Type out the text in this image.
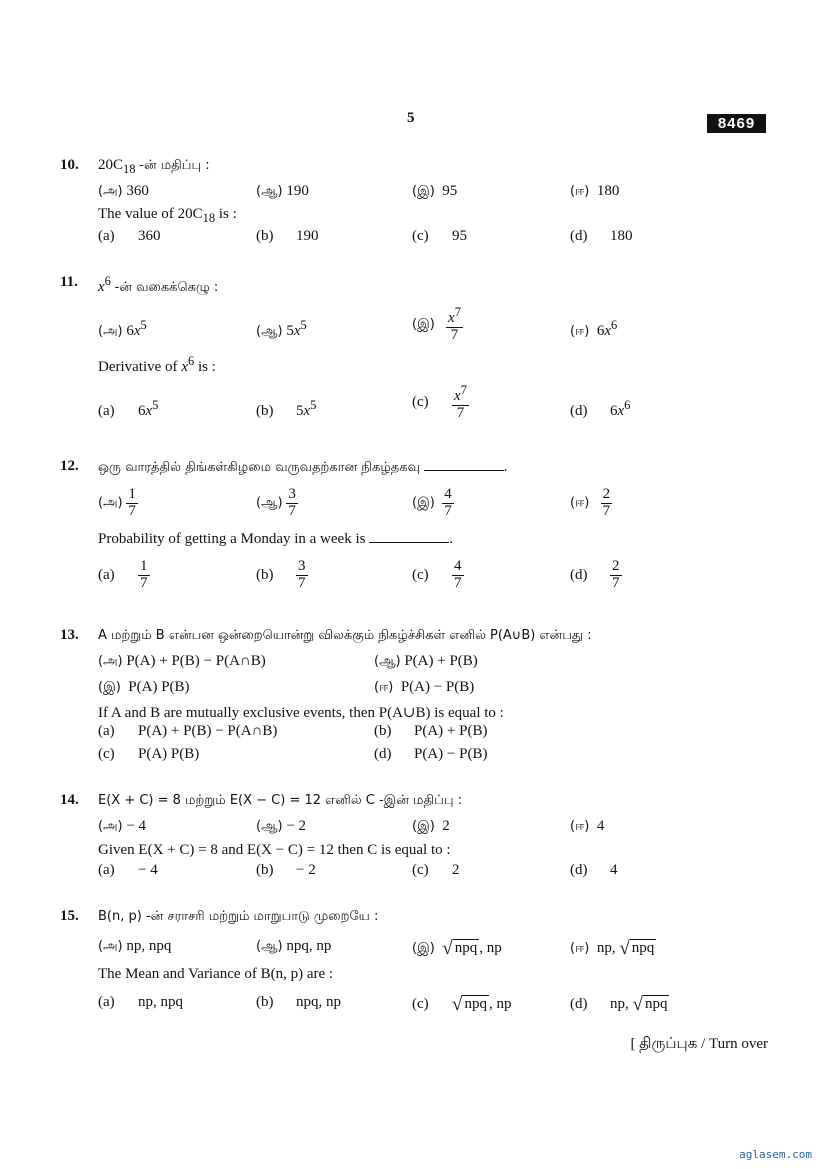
5	8469
10. $20C_{18}$ -ன் மதிப்பு :
(அ) 360	(ஆ) 190	(இ) 95	(ஈ) 180
The value of $20C_{18}$ is :
(a) 360	(b) 190	(c) 95	(d) 180
11. $x^6$ -ன் வகைக்கெழு :
(அ) $6x^5$	(ஆ) $5x^5$	(இ) $\frac{x^7}{7}$	(ஈ)  $6x^6$
Derivative of $x^6$ is :
(a) $6x^5$	(b) $5x^5$	$(c) \frac{x^7}{7}$	(d) $6x^6$
12. ஒரு வாரத்தில் திங்கள்கிழமை வருவதற்கான நிகழ்தகவு	.
(அ) $\frac{1}{7}$	(ஆ) $\frac{3}{7}$	(இ) $\frac{4}{7}$	(ஈ) $\frac{2}{7}$
Probability of getting a Monday in a week is	.
$(a) \frac{1}{7}$	$(b) \frac{3}{7}$	$(c) \frac{4}{7}$	$(d) \frac{2}{7}$
13. A மற்றும் B என்பன ஒன்றையொன்று விலக்கும் நிகழ்ச்சிகள் எனில் P(A∪B) என்பது :
(அ) P(A) + P(B) − P(A∩B)	(ஆ) P(A) + P(B)
(இ) P(A) P(B)	(ஈ) P(A) − P(B)
If A and B are mutually exclusive events, then P(A∪B) is equal to :
(a) P(A) + P(B) − P(A∩B)	(b) P(A) + P(B)
(c) P(A) P(B)	(d) P(A) − P(B)
14. E(X + C) = 8 மற்றும் E(X − C) = 12 எனில் C -இன் மதிப்பு :
(அ) − 4	(ஆ) − 2	(இ) 2	(ஈ) 4
Given E(X + C) = 8 and E(X − C) = 12 then C is equal to :
(a) − 4	(b) − 2	(c) 2	(d) 4
15. B(n, p) -ன் சராசரி மற்றும் மாறுபாடு முறையே :
(அ) np, npq	(ஆ) npq, np	(இ) √ npq , np	(ஈ) np, √ npq
The Mean and Variance of B(n, p) are :
(a) np, npq	(b) npq, np	(c) √ npq , np	(d) np, √ npq
[ திருப்புக / Turn over
aglasem.com
